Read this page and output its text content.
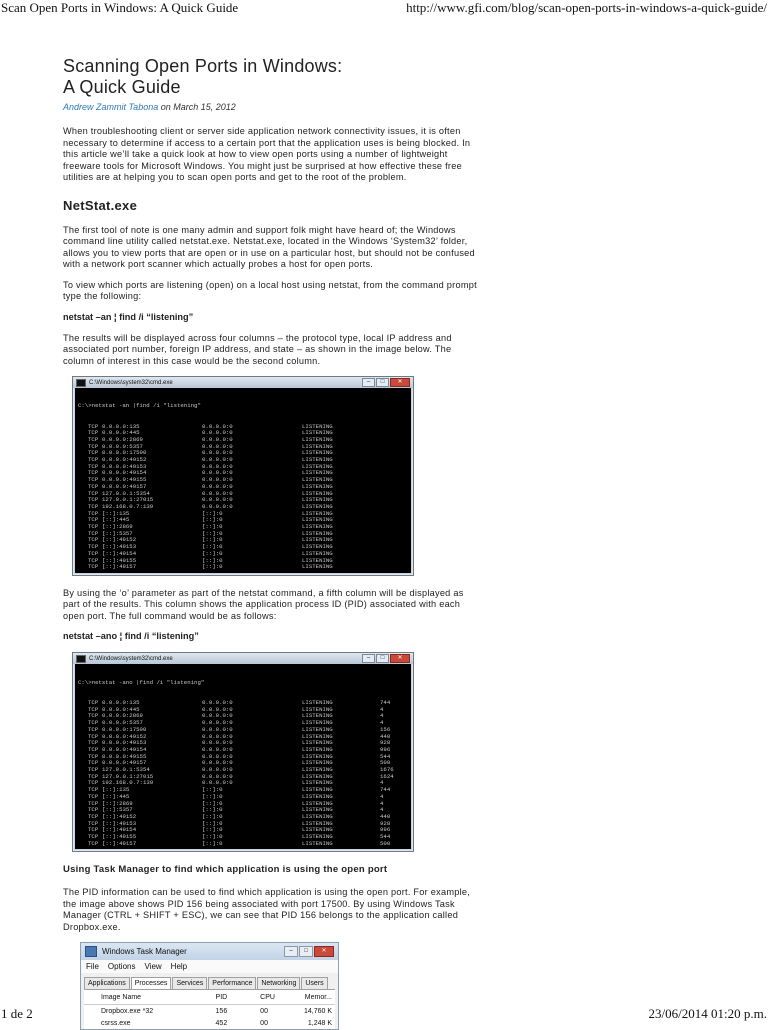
Scan Open Ports in Windows: A Quick Guide	http://www.gfi.com/blog/scan-open-ports-in-windows-a-quick-guide/
Scanning Open Ports in Windows:
A Quick Guide
Andrew Zammit Tabona on March 15, 2012

When troubleshooting client or server side application network connectivity issues, it is often necessary to determine if access to a certain port that the application uses is being blocked. In this article we’ll take a quick look at how to view open ports using a number of lightweight freeware tools for Microsoft Windows. You might just be surprised at how effective these free utilities are at helping you to scan open ports and get to the root of the problem.

NetStat.exe

The first tool of note is one many admin and support folk might have heard of; the Windows command line utility called netstat.exe. Netstat.exe, located in the Windows ‘System32’ folder, allows you to view ports that are open or in use on a particular host, but should not be confused with a network port scanner which actually probes a host for open ports.

To view which ports are listening (open) on a local host using netstat, from the command prompt type the following:

netstat –an ¦ find /i “listening”

The results will be displayed across four columns – the protocol type, local IP address and associated port number, foreign IP address, and state – as shown in the image below. The column of interest in this case would be the second column.

C:\Windows\system32\cmd.exe	–	□	✕

C:\>netstat -an |find /i "listening"

TCP 0.0.0.0:135	0.0.0.0:0	LISTENING
TCP 0.0.0.0:445	0.0.0.0:0	LISTENING
TCP 0.0.0.0:2869	0.0.0.0:0	LISTENING
TCP 0.0.0.0:5357	0.0.0.0:0	LISTENING
TCP 0.0.0.0:17500	0.0.0.0:0	LISTENING
TCP 0.0.0.0:49152	0.0.0.0:0	LISTENING
TCP 0.0.0.0:49153	0.0.0.0:0	LISTENING
TCP 0.0.0.0:49154	0.0.0.0:0	LISTENING
TCP 0.0.0.0:49155	0.0.0.0:0	LISTENING
TCP 0.0.0.0:49157	0.0.0.0:0	LISTENING
TCP 127.0.0.1:5354	0.0.0.0:0	LISTENING
TCP 127.0.0.1:27015	0.0.0.0:0	LISTENING
TCP 192.168.0.7:139	0.0.0.0:0	LISTENING
TCP [::]:135	[::]:0	LISTENING
TCP [::]:445	[::]:0	LISTENING
TCP [::]:2869	[::]:0	LISTENING
TCP [::]:5357	[::]:0	LISTENING
TCP [::]:49152	[::]:0	LISTENING
TCP [::]:49153	[::]:0	LISTENING
TCP [::]:49154	[::]:0	LISTENING
TCP [::]:49155	[::]:0	LISTENING
TCP [::]:49157	[::]:0	LISTENING

By using the ‘o’ parameter as part of the netstat command, a fifth column will be displayed as part of the results. This column shows the application process ID (PID) associated with each open port. The full command would be as follows:

netstat –ano ¦ find /i “listening”
C:\Windows\system32\cmd.exe	–	□	✕

C:\>netstat -ano |find /i "listening"

TCP 0.0.0.0:135	0.0.0.0:0	LISTENING	744
TCP 0.0.0.0:445	0.0.0.0:0	LISTENING	4
TCP 0.0.0.0:2869	0.0.0.0:0	LISTENING	4
TCP 0.0.0.0:5357	0.0.0.0:0	LISTENING	4
TCP 0.0.0.0:17500	0.0.0.0:0	LISTENING	156
TCP 0.0.0.0:49152	0.0.0.0:0	LISTENING	440
TCP 0.0.0.0:49153	0.0.0.0:0	LISTENING	928
TCP 0.0.0.0:49154	0.0.0.0:0	LISTENING	996
TCP 0.0.0.0:49155	0.0.0.0:0	LISTENING	544
TCP 0.0.0.0:49157	0.0.0.0:0	LISTENING	500
TCP 127.0.0.1:5354	0.0.0.0:0	LISTENING	1676
TCP 127.0.0.1:27015	0.0.0.0:0	LISTENING	1624
TCP 192.168.0.7:139	0.0.0.0:0	LISTENING	4
TCP [::]:135	[::]:0	LISTENING	744
TCP [::]:445	[::]:0	LISTENING	4
TCP [::]:2869	[::]:0	LISTENING	4
TCP [::]:5357	[::]:0	LISTENING	4
TCP [::]:49152	[::]:0	LISTENING	440
TCP [::]:49153	[::]:0	LISTENING	928
TCP [::]:49154	[::]:0	LISTENING	996
TCP [::]:49155	[::]:0	LISTENING	544
TCP [::]:49157	[::]:0	LISTENING	500
Using Task Manager to find which application is using the open port

The PID information can be used to find which application is using the open port. For example, the image above shows PID 156 being associated with port 17500. By using Windows Task Manager (CTRL + SHIFT + ESC), we can see that PID 156 belongs to the application called Dropbox.exe.

Windows Task Manager	–	□	✕
File Options View Help
Applications	Processes	Services	Performance	Networking	Users
Image Name	PID	CPU	Memor...
Dropbox.exe *32	156	00	14,760 K
csrss.exe	452	00	1,248 K
1 de 2	23/06/2014 01:20 p.m.
